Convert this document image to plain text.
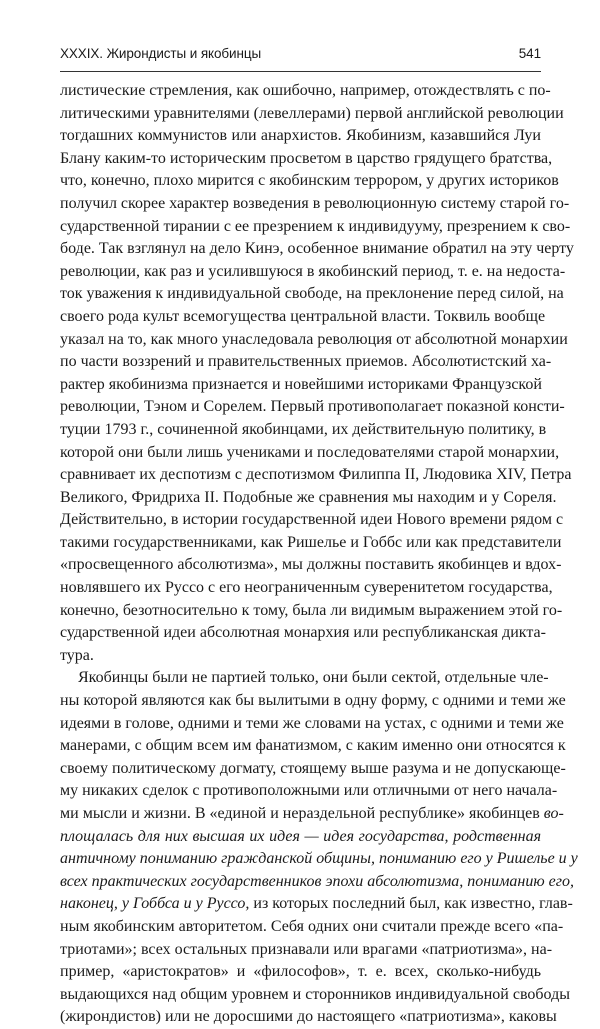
XXXIX. Жирондисты и якобинцы	541
листические стремления, как ошибочно, например, отождествлять с по-
литическими уравнителями (левеллерами) первой английской революции
тогдашних коммунистов или анархистов. Якобинизм, казавшийся Луи
Блану каким-то историческим просветом в царство грядущего братства,
что, конечно, плохо мирится с якобинским террором, у других историков
получил скорее характер возведения в революционную систему старой го-
сударственной тирании с ее презрением к индивидууму, презрением к сво-
боде. Так взглянул на дело Кинэ, особенное внимание обратил на эту черту
революции, как раз и усилившуюся в якобинский период, т. е. на недоста-
ток уважения к индивидуальной свободе, на преклонение перед силой, на
своего рода культ всемогущества центральной власти. Токвиль вообще
указал на то, как много унаследовала революция от абсолютной монархии
по части воззрений и правительственных приемов. Абсолютистский ха-
рактер якобинизма признается и новейшими историками Французской
революции, Тэном и Сорелем. Первый противополагает показной консти-
туции 1793 г., сочиненной якобинцами, их действительную политику, в
которой они были лишь учениками и последователями старой монархии,
сравнивает их деспотизм с деспотизмом Филиппа II, Людовика XIV, Петра
Великого, Фридриха II. Подобные же сравнения мы находим и у Сореля.
Действительно, в истории государственной идеи Нового времени рядом с
такими государственниками, как Ришелье и Гоббс или как представители
«просвещенного абсолютизма», мы должны поставить якобинцев и вдох-
новлявшего их Руссо с его неограниченным суверенитетом государства,
конечно, безотносительно к тому, была ли видимым выражением этой го-
сударственной идеи абсолютная монархия или республиканская дикта-
тура.
Якобинцы были не партией только, они были сектой, отдельные чле-
ны которой являются как бы вылитыми в одну форму, с одними и теми же
идеями в голове, одними и теми же словами на устах, с одними и теми же
манерами, с общим всем им фанатизмом, с каким именно они относятся к
своему политическому догмату, стоящему выше разума и не допускающе-
му никаких сделок с противоположными или отличными от него начала-
ми мысли и жизни. В «единой и нераздельной республике» якобинцев во-
площалась для них высшая их идея — идея государства, родственная
античному пониманию гражданской общины, пониманию его у Ришелье и у
всех практических государственников эпохи абсолютизма, пониманию его,
наконец, у Гоббса и у Руссо, из которых последний был, как известно, глав-
ным якобинским авторитетом. Себя одних они считали прежде всего «па-
триотами»; всех остальных признавали или врагами «патриотизма», на-
пример, «аристократов» и «философов», т. е. всех, сколько-нибудь
выдающихся над общим уровнем и сторонников индивидуальной свободы
(жирондистов) или не доросшими до настоящего «патриотизма», каковы
